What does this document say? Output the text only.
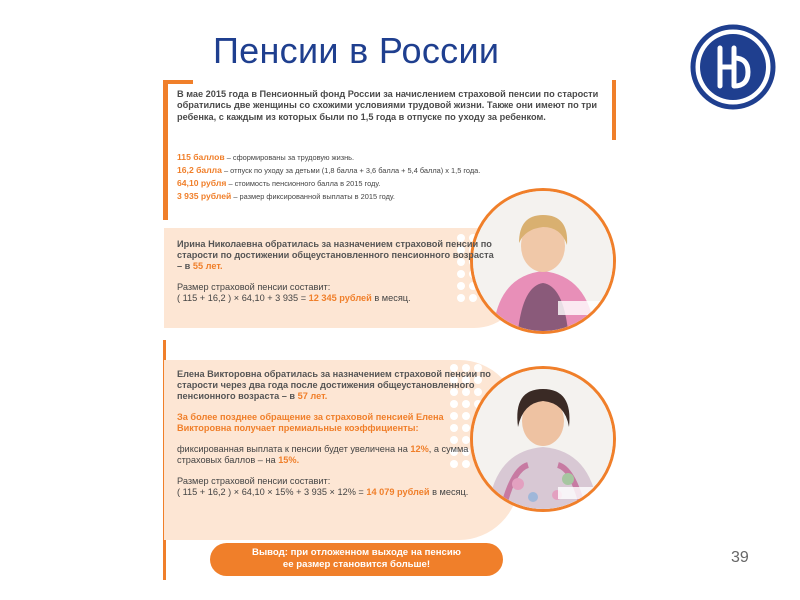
Пенсии в России
В мае 2015 года в Пенсионный фонд России за начислением страховой пенсии по старости обратились две женщины со схожими условиями трудовой жизни. Также они имеют по три ребенка, с каждым из которых были по 1,5 года в отпуске по уходу за ребенком.
115 баллов – сформированы за трудовую жизнь.
16,2 балла – отпуск по уходу за детьми (1,8 балла + 3,6 балла + 5,4 балла) х 1,5 года.
64,10 рубля – стоимость пенсионного балла в 2015 году.
3 935 рублей – размер фиксированной выплаты в 2015 году.
Ирина Николаевна обратилась за назначением страховой пенсии по старости по достижении общеустановленного пенсионного возраста – в 55 лет.
Размер страховой пенсии составит:
( 115 + 16,2 ) × 64,10 + 3 935 = 12 345 рублей в месяц.
Елена Викторовна обратилась за назначением страховой пенсии по старости через два года после достижения общеустановленного пенсионного возраста – в 57 лет.
За более позднее обращение за страховой пенсией Елена Викторовна получает премиальные коэффициенты:
фиксированная выплата к пенсии будет увеличена на 12%, а сумма страховых баллов – на 15%.
Размер страховой пенсии составит:
( 115 + 16,2 ) × 64,10 × 15% + 3 935 × 12% = 14 079 рублей в месяц.
Вывод: при отложенном выходе на пенсию
ее размер становится больше!	39
